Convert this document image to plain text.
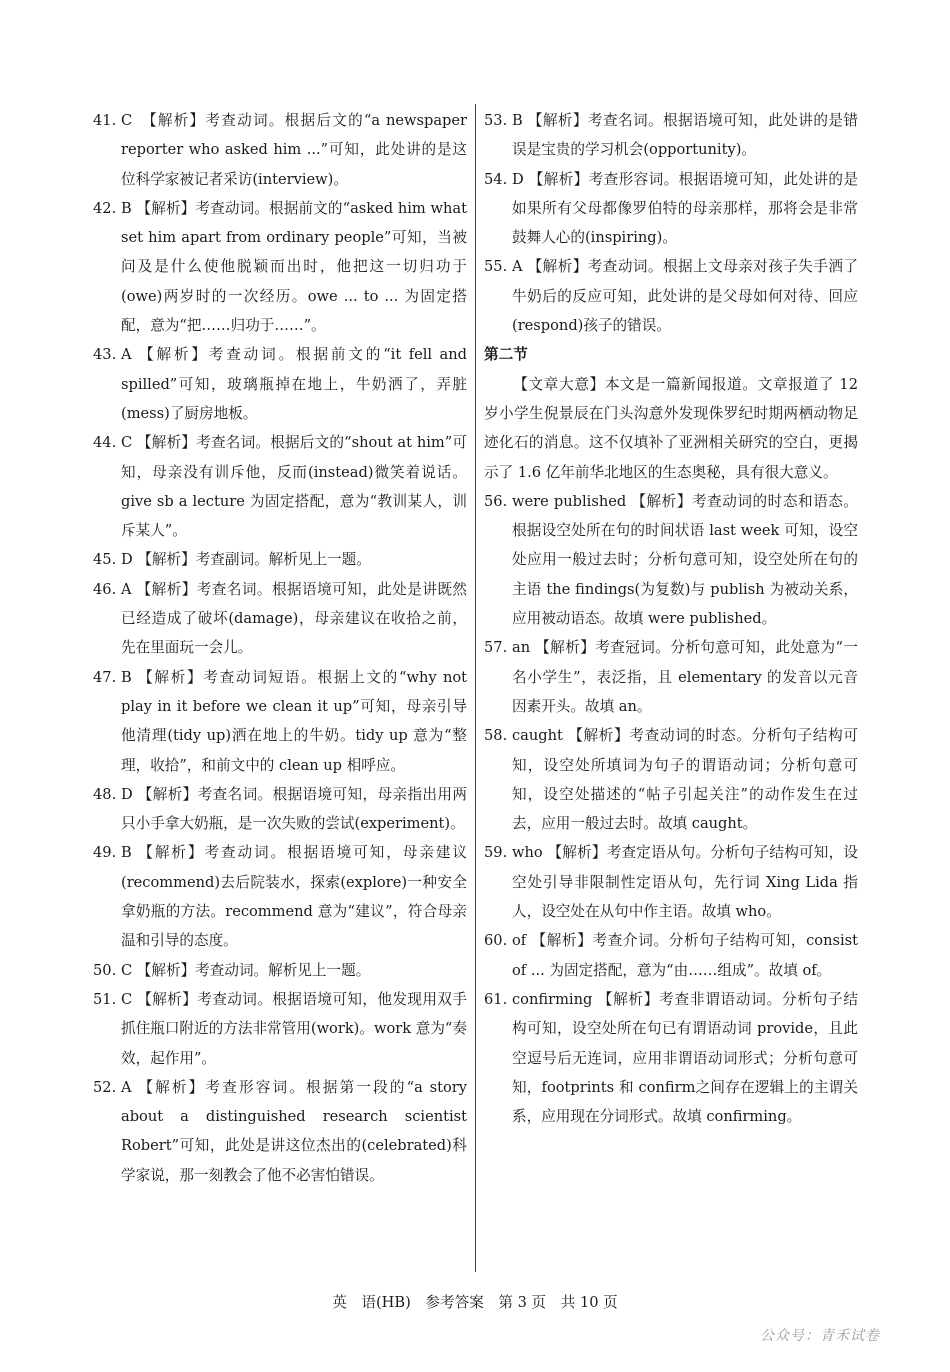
41. C　【解析】考查动词。根据后文的“a newspaper reporter who asked him ...”可知，此处讲的是这位科学家被记者采访(interview)。
42. B 【解析】考查动词。根据前文的“asked him what set him apart from ordinary people”可知，当被问及是什么使他脱颖而出时，他把这一切归功于(owe)两岁时的一次经历。owe ... to ... 为固定搭配，意为“把……归功于……”。
43. A 【解析】考查动词。根据前文的“it fell and spilled”可知，玻璃瓶掉在地上，牛奶洒了，弄脏(mess)了厨房地板。
44. C 【解析】考查名词。根据后文的“shout at him”可知，母亲没有训斥他，反而(instead)微笑着说话。give sb a lecture 为固定搭配，意为“教训某人，训斥某人”。
45. D 【解析】考查副词。解析见上一题。
46. A 【解析】考查名词。根据语境可知，此处是讲既然已经造成了破坏(damage)，母亲建议在收拾之前，先在里面玩一会儿。
47. B 【解析】考查动词短语。根据上文的“why not play in it before we clean it up”可知，母亲引导他清理(tidy up)洒在地上的牛奶。tidy up 意为“整理，收拾”，和前文中的 clean up 相呼应。
48. D 【解析】考查名词。根据语境可知，母亲指出用两只小手拿大奶瓶，是一次失败的尝试(experiment)。
49. B 【解析】考查动词。根据语境可知，母亲建议(recommend)去后院装水，探索(explore)一种安全拿奶瓶的方法。recommend 意为“建议”，符合母亲温和引导的态度。
50. C 【解析】考查动词。解析见上一题。
51. C 【解析】考查动词。根据语境可知，他发现用双手抓住瓶口附近的方法非常管用(work)。work 意为“奏效，起作用”。
52. A 【解析】考查形容词。根据第一段的“a story about a distinguished research scientist Robert”可知，此处是讲这位杰出的(celebrated)科学家说，那一刻教会了他不必害怕错误。
53. B 【解析】考查名词。根据语境可知，此处讲的是错误是宝贵的学习机会(opportunity)。
54. D 【解析】考查形容词。根据语境可知，此处讲的是如果所有父母都像罗伯特的母亲那样，那将会是非常鼓舞人心的(inspiring)。
55. A 【解析】考查动词。根据上文母亲对孩子失手洒了牛奶后的反应可知，此处讲的是父母如何对待、回应(respond)孩子的错误。
第二节
【文章大意】本文是一篇新闻报道。文章报道了 12 岁小学生倪景辰在门头沟意外发现侏罗纪时期两栖动物足迹化石的消息。这不仅填补了亚洲相关研究的空白，更揭示了 1.6 亿年前华北地区的生态奥秘，具有很大意义。
56. were published 【解析】考查动词的时态和语态。根据设空处所在句的时间状语 last week 可知，设空处应用一般过去时；分析句意可知，设空处所在句的主语 the findings(为复数)与 publish 为被动关系，应用被动语态。故填 were published。
57. an 【解析】考查冠词。分析句意可知，此处意为“一名小学生”，表泛指，且 elementary 的发音以元音因素开头。故填 an。
58. caught 【解析】考查动词的时态。分析句子结构可知，设空处所填词为句子的谓语动词；分析句意可知，设空处描述的“帖子引起关注”的动作发生在过去，应用一般过去时。故填 caught。
59. who 【解析】考查定语从句。分析句子结构可知，设空处引导非限制性定语从句，先行词 Xing Lida 指人，设空处在从句中作主语。故填 who。
60. of 【解析】考查介词。分析句子结构可知，consist of ... 为固定搭配，意为“由……组成”。故填 of。
61. confirming 【解析】考查非谓语动词。分析句子结构可知，设空处所在句已有谓语动词 provide，且此空逗号后无连词，应用非谓语动词形式；分析句意可知，footprints 和 confirm之间存在逻辑上的主谓关系，应用现在分词形式。故填 confirming。
英　语(HB)　参考答案　第 3 页　共 10 页
公众号：青禾试卷
